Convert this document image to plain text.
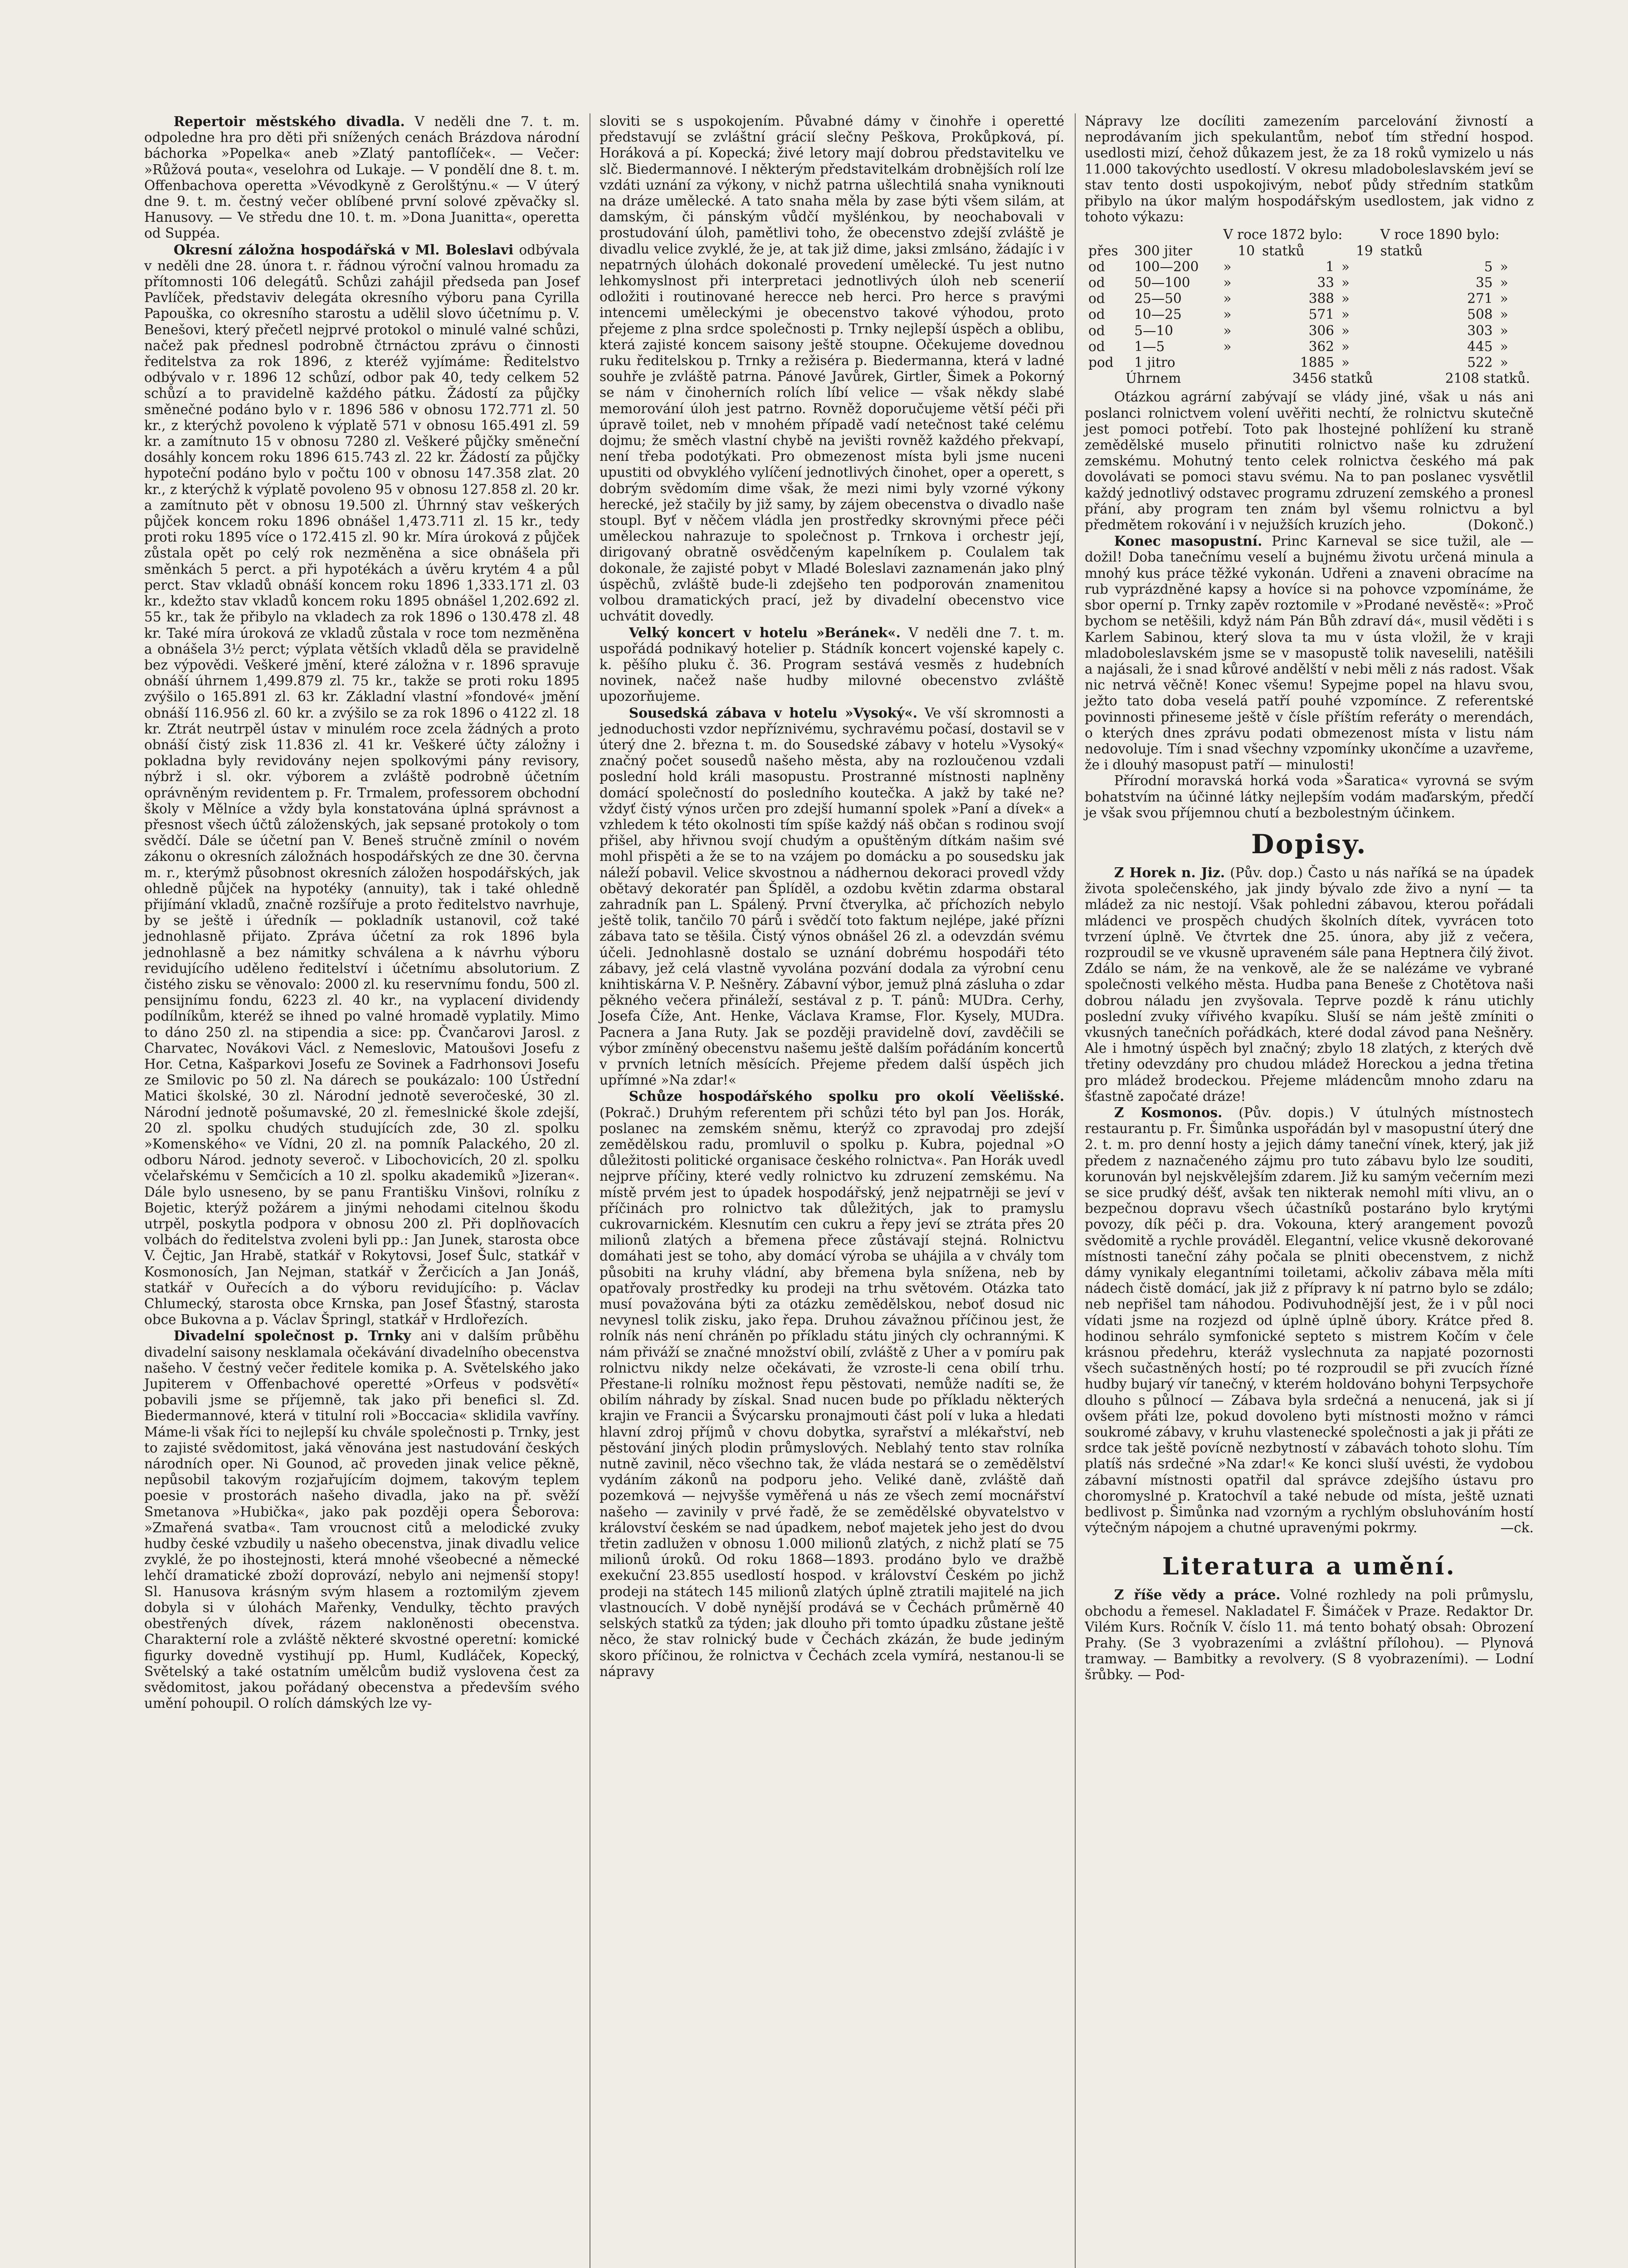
Repertoir městského divadla. V neděli dne 7. t. m. odpoledne hra pro děti při snížených cenách Brázdova národní báchorka »Popelka« aneb »Zlatý pantoflíček«. — Večer: »Růžová pouta«, veselohra od Lukaje. — V pondělí dne 8. t. m. Offenbachova operetta »Vévodkyně z Gerolštýnu.« — V úterý dne 9. t. m. čestný večer oblíbené první solové zpěvačky sl. Hanusovy. — Ve středu dne 10. t. m. »Dona Juanitta«, operetta od Suppéa.

Okresní záložna hospodářská v Ml. Boleslavi odbývala v neděli dne 28. února t. r. řádnou výroční valnou hromadu za přítomnosti 106 delegátů. Schůzi zahájil předseda pan Josef Pavlíček, představiv delegáta okresního výboru pana Cyrilla Papouška, co okresního starostu a udělil slovo účetnímu p. V. Benešovi, který přečetl nejprvé protokol o minulé valné schůzi, načež pak přednesl podrobně čtrnáctou zprávu o činnosti ředitelstva za rok 1896, z kteréž vyjímáme: Ředitelstvo odbývalo v r. 1896 12 schůzí, odbor pak 40, tedy celkem 52 schůzí a to pravidelně každého pátku. Žádostí za půjčky směnečné podáno bylo v r. 1896 586 v obnosu 172.771 zl. 50 kr., z kterýchž povoleno k výplatě 571 v obnosu 165.491 zl. 59 kr. a zamítnuto 15 v obnosu 7280 zl. Veškeré půjčky směneční dosáhly koncem roku 1896 615.743 zl. 22 kr. Žádostí za půjčky hypoteční podáno bylo v počtu 100 v obnosu 147.358 zlat. 20 kr., z kterýchž k výplatě povoleno 95 v obnosu 127.858 zl. 20 kr. a zamítnuto pět v obnosu 19.500 zl. Úhrnný stav veškerých půjček koncem roku 1896 obnášel 1,473.711 zl. 15 kr., tedy proti roku 1895 více o 172.415 zl. 90 kr. Míra úroková z půjček zůstala opět po celý rok nezměněna a sice obnášela při směnkách 5 perct. a při hypotékách a úvěru krytém 4 a půl perct. Stav vkladů obnáší koncem roku 1896 1,333.171 zl. 03 kr., kdežto stav vkladů koncem roku 1895 obnášel 1,202.692 zl. 55 kr., tak že přibylo na vkladech za rok 1896 o 130.478 zl. 48 kr. Také míra úroková ze vkladů zůstala v roce tom nezměněna a obnášela 3½ perct; výplata větších vkladů děla se pravidelně bez výpovědi. Veškeré jmění, které záložna v r. 1896 spravuje obnáší úhrnem 1,499.879 zl. 75 kr., takže se proti roku 1895 zvýšilo o 165.891 zl. 63 kr. Základní vlastní »fondové« jmění obnáší 116.956 zl. 60 kr. a zvýšilo se za rok 1896 o 4122 zl. 18 kr. Ztrát neutrpěl ústav v minulém roce zcela žádných a proto obnáší čistý zisk 11.836 zl. 41 kr. Veškeré účty záložny i pokladna byly revidovány nejen spolkovými pány revisory, nýbrž i sl. okr. výborem a zvláště podrobně účetním oprávněným revidentem p. Fr. Trmalem, professorem obchodní školy v Mělníce a vždy byla konstatována úplná správnost a přesnost všech účtů záloženských, jak sepsané protokoly o tom svědčí. Dále se účetní pan V. Beneš stručně zmínil o novém zákonu o okresních záložnách hospodářských ze dne 30. června m. r., kterýmž působnost okresních záložen hospodářských, jak ohledně půjček na hypotéky (annuity), tak i také ohledně přijímání vkladů, značně rozšířuje a proto ředitelstvo navrhuje, by se ještě i úředník — pokladník ustanovil, což také jednohlasně přijato. Zpráva účetní za rok 1896 byla jednohlasně a bez námitky schválena a k návrhu výboru revidujícího uděleno ředitelství i účetnímu absolutorium. Z čistého zisku se věnovalo: 2000 zl. ku reservnímu fondu, 500 zl. pensijnímu fondu, 6223 zl. 40 kr., na vyplacení dividendy podílníkům, kteréž se ihned po valné hromadě vyplatily. Mimo to dáno 250 zl. na stipendia a sice: pp. Čvančarovi Jarosl. z Charvatec, Novákovi Václ. z Nemeslovic, Matoušovi Josefu z Hor. Cetna, Kašparkovi Josefu ze Sovinek a Fadrhonsovi Josefu ze Smilovic po 50 zl. Na dárech se poukázalo: 100 Ústřední Matici školské, 30 zl. Národní jednotě severočeské, 30 zl. Národní jednotě pošumavské, 20 zl. řemeslnické škole zdejší, 20 zl. spolku chudých studujících zde, 30 zl. spolku »Komenského« ve Vídni, 20 zl. na pomník Palackého, 20 zl. odboru Národ. jednoty severoč. v Libochovicích, 20 zl. spolku včelařskému v Semčicích a 10 zl. spolku akademiků »Jizeran«. Dále bylo usneseno, by se panu Františku Vinšovi, rolníku z Bojetic, kterýž požárem a jinými nehodami citelnou škodu utrpěl, poskytla podpora v obnosu 200 zl. Při doplňovacích volbách do ředitelstva zvoleni byli pp.: Jan Junek, starosta obce V. Čejtic, Jan Hrabě, statkář v Rokytovsi, Josef Šulc, statkář v Kosmonosích, Jan Nejman, statkář v Žerčicích a Jan Jonáš, statkář v Ouřecích a do výboru revidujícího: p. Václav Chlumecký, starosta obce Krnska, pan Josef Šťastný, starosta obce Bukovna a p. Václav Špringl, statkář v Hrdlořezích.

Divadelní společnost p. Trnky ani v dalším průběhu divadelní saisony nesklamala očekávání divadelního obecenstva našeho. V čestný večer ředitele komika p. A. Světelského jako Jupiterem v Offenbachové operetté »Orfeus v podsvětí« pobavili jsme se příjemně, tak jako při benefici sl. Zd. Biedermannové, která v titulní roli »Boccacia« sklidila vavříny. Máme-li však říci to nejlepší ku chvále společnosti p. Trnky, jest to zajisté svědomitost, jaká věnována jest nastudování českých národních oper. Ni Gounod, ač proveden jinak velice pěkně, nepůsobil takovým rozjařujícím dojmem, takovým teplem poesie v prostorách našeho divadla, jako na př. svěží Smetanova »Hubička«, jako pak později opera Šeborova: »Zmařená svatba«. Tam vroucnost citů a melodické zvuky hudby české vzbudily u našeho obecenstva, jinak divadlu velice zvyklé, že po ihostejnosti, která mnohé všeobecné a německé lehčí dramatické zboží doprovází, nebylo ani nejmenší stopy! Sl. Hanusova krásným svým hlasem a roztomilým zjevem dobyla si v úlohách Mařenky, Vendulky, těchto pravých obestřených dívek, rázem nakloněnosti obecenstva. Charakterní role a zvláště některé skvostné operetní: komické figurky dovedně vystihují pp. Huml, Kudláček, Kopecký, Světelský a také ostatním umělcům budiž vyslovena čest za svědomitost, jakou pořádaný obecenstva a především svého umění pohoupil. O rolích dámských lze vy-

sloviti se s uspokojením. Půvabné dámy v činohře i operetté představují se zvláštní grácií slečny Peškova, Prokůpková, pí. Horáková a pí. Kopecká; živé letory mají dobrou představitelku ve slč. Biedermannové. I některým představitelkám drobnějších rolí lze vzdáti uznání za výkony, v nichž patrna ušlechtilá snaha vyniknouti na dráze umělecké. A tato snaha měla by zase býti všem silám, at damským, či pánským vůdčí myšlénkou, by neochabovali v prostudování úloh, pamětlivi toho, že obecenstvo zdejší zvláště je divadlu velice zvyklé, že je, at tak již dime, jaksi zmlsáno, žádajíc i v nepatrných úlohách dokonalé provedení umělecké. Tu jest nutno lehkomyslnost při interpretaci jednotlivých úloh neb scenerií odložiti i routinované herecce neb herci. Pro herce s pravými intencemi uměleckými je obecenstvo takové výhodou, proto přejeme z plna srdce společnosti p. Trnky nejlepší úspěch a oblibu, která zajisté koncem saisony ještě stoupne. Očekujeme dovednou ruku ředitelskou p. Trnky a režiséra p. Biedermanna, která v ladné souhře je zvláště patrna. Pánové Javůrek, Girtler, Šimek a Pokorný se nám v činoherních rolích líbí velice — však někdy slabé memorování úloh jest patrno. Rovněž doporučujeme větší péči při úpravě toilet, neb v mnohém případě vadí netečnost také celému dojmu; že směch vlastní chybě na jevišti rovněž každého překvapí, není třeba podotýkati. Pro obmezenost místa byli jsme nuceni upustiti od obvyklého vylíčení jednotlivých činohet, oper a operett, s dobrým svědomím dime však, že mezi nimi byly vzorné výkony herecké, jež stačily by již samy, by zájem obecenstva o divadlo naše stoupl. Byť v něčem vládla jen prostředky skrovnými přece péči uměleckou nahrazuje to společnost p. Trnkova i orchestr její, dirigovaný obratně osvědčeným kapelníkem p. Coulalem tak dokonale, že zajisté pobyt v Mladé Boleslavi zaznamenán jako plný úspěchů, zvláště bude-li zdejšeho ten podporován znamenitou volbou dramatických prací, jež by divadelní obecenstvo vice uchvátit dovedly.

Velký koncert v hotelu »Beránek«. V neděli dne 7. t. m. uspořádá podnikavý hotelier p. Stádník koncert vojenské kapely c. k. pěšího pluku č. 36. Program sestává vesměs z hudebních novinek, načež naše hudby milovné obecenstvo zvláště upozorňujeme.

Sousedská zábava v hotelu »Vysoký«. Ve vší skromnosti a jednoduchosti vzdor nepříznivému, sychravému počasí, dostavil se v úterý dne 2. března t. m. do Sousedské zábavy v hotelu »Vysoký« značný počet sousedů našeho města, aby na rozloučenou vzdali poslední hold králi masopustu. Prostranné místnosti naplněny domácí společností do posledního koutečka. A jakž by také ne? vždyť čistý výnos určen pro zdejší humanní spolek »Paní a dívek« a vzhledem k této okolnosti tím spíše každý náš občan s rodinou svojí přišel, aby hřivnou svojí chudým a opuštěným dítkám našim své mohl přispěti a že se to na vzájem po domácku a po sousedsku jak náleží pobavil. Velice skvostnou a nádhernou dekoraci provedl vždy obětavý dekoratér pan Šplíděl, a ozdobu květin zdarma obstaral zahradník pan L. Spálený. První čtverylka, ač příchozích nebylo ještě tolik, tančilo 70 párů i svědčí toto faktum nejlépe, jaké přízni zábava tato se těšila. Čistý výnos obnášel 26 zl. a odevzdán svému účeli. Jednohlasně dostalo se uznání dobrému hospodáři této zábavy, jež celá vlastně vyvolána pozvání dodala za výrobní cenu knihtiskárna V. P. Nešněry. Zábavní výbor, jemuž plná zásluha o zdar pěkného večera přináleží, sestával z p. T. pánů: MUDra. Cerhy, Josefa Číže, Ant. Henke, Václava Kramse, Flor. Kysely, MUDra. Pacnera a Jana Ruty. Jak se později pravidelně doví, zavděčili se výbor zmíněný obecenstvu našemu ještě dalším pořádáním koncertů v prvních letních měsících. Přejeme předem další úspěch jich upřímné »Na zdar!«

Schůze hospodářského spolku pro okolí Věelišské. (Pokrač.) Druhým referentem při schůzi této byl pan Jos. Horák, poslanec na zemském sněmu, kterýž co zpravodaj pro zdejší zemědělskou radu, promluvil o spolku p. Kubra, pojednal »O důležitosti politické organisace českého rolnictva«. Pan Horák uvedl nejprve příčiny, které vedly rolnictvo ku zdruzení zemskému. Na místě prvém jest to úpadek hospodářský, jenž nejpatrněji se jeví v příčinách pro rolnictvo tak důležitých, jak to pramyslu cukrovarnickém. Klesnutím cen cukru a řepy jeví se ztráta přes 20 milionů zlatých a břemena přece zůstávají stejná. Rolnictvu domáhati jest se toho, aby domácí výroba se uhájila a v chvály tom působiti na kruhy vládní, aby břemena byla snížena, neb by opatřovaly prostředky ku prodeji na trhu světovém. Otázka tato musí považována býti za otázku zemědělskou, neboť dosud nic nevynesl tolik zisku, jako řepa. Druhou závažnou příčinou jest, že rolník nás není chráněn po příkladu státu jiných cly ochrannými. K nám přiváží se značné množství obilí, zvláště z Uher a v pomíru pak rolnictvu nikdy nelze očekávati, že vzroste-li cena obilí trhu. Přestane-li rolníku možnost řepu pěstovati, nemůže nadíti se, že obilím náhrady by získal. Snad nucen bude po příkladu některých krajin ve Francii a Švýcarsku pronajmouti část polí v luka a hledati hlavní zdroj příjmů v chovu dobytka, syrařství a mlékařství, neb pěstování jiných plodin průmyslových. Neblahý tento stav rolníka nutně zavinil, něco všechno tak, že vláda nestará se o zemědělství vydáním zákonů na podporu jeho. Veliké daně, zvláště daň pozemková — nejvyšše vyměřená u nás ze všech zemí mocnářství našeho — zavinily v prvé řadě, že se zemědělské obyvatelstvo v království českém se nad úpadkem, neboť majetek jeho jest do dvou třetin zadlužen v obnosu 1.000 milionů zlatých, z nichž platí se 75 milionů úroků. Od roku 1868—1893. prodáno bylo ve dražbě exekuční 23.855 usedlostí hospod. v království Českém po jichž prodeji na státech 145 milionů zlatých úplně ztratili majitelé na jich vlastnoucích. V době nynější prodává se v Čechách průměrně 40 selských statků za týden; jak dlouho při tomto úpadku zůstane ještě něco, že stav rolnický bude v Čechách zkázán, že bude jediným skoro příčinou, že rolnictva v Čechách zcela vymírá, nestanou-li se nápravy

Nápravy lze docíliti zamezením parcelování živností a neprodávaním jich spekulantům, neboť tím střední hospod. usedlosti mizí, čehož důkazem jest, že za 18 roků vymizelo u nás 11.000 takovýchto usedlostí. V okresu mladoboleslavském jeví se stav tento dosti uspokojivým, neboť půdy středním statkům přibylo na úkor malým hospodářským usedlostem, jak vidno z tohoto výkazu:

		V roce 1872 bylo:			V roce 1890 bylo:	
přes	300 jiter	10	statků	19	statků	
od	100—200	»	1	»	5	»
od	50—100	»	33	»	35	»
od	25—50	»	388	»	271	»
od	10—25	»	571	»	508	»
od	5—10	»	306	»	303	»
od	1—5	»	362	»	445	»
pod	1 jitro	1885		»	522	»
Úhrnem		3456 statků			2108 statků.	

Otázkou agrární zabývají se vlády jiné, však u nás ani poslanci rolnictvem volení uvěřiti nechtí, že rolnictvu skutečně jest pomoci potřebí. Toto pak lhostejné pohlížení ku straně zemědělské muselo přinutiti rolnictvo naše ku združení zemskému. Mohutný tento celek rolnictva českého má pak dovolávati se pomoci stavu svému. Na to pan poslanec vysvětlil každý jednotlivý odstavec programu zdruzení zemského a pronesl přání, aby program ten znám byl všemu rolnictvu a byl předmětem rokování i v nejužších kruzích jeho.	(Dokonč.)

Konec masopustní. Princ Karneval se sice tužil, ale — dožil! Doba tanečnímu veselí a bujnému životu určená minula a mnohý kus práce těžké vykonán. Udřeni a znaveni obracíme na rub vyprázdněné kapsy a hovíce si na pohovce vzpomínáme, že sbor operní p. Trnky zapěv roztomile v »Prodané nevěstě«: »Proč bychom se netěšili, když nám Pán Bůh zdraví dá«, musil věděti i s Karlem Sabinou, který slova ta mu v ústa vložil, že v kraji mladoboleslavském jsme se v masopustě tolik naveselili, natěšili a najásali, že i snad kůrové andělští v nebi měli z nás radost. Však nic netrvá věčně! Konec všemu! Sypejme popel na hlavu svou, ježto tato doba veselá patří pouhé vzpomínce. Z referentské povinnosti přineseme ještě v čísle příštím referáty o merendách, o kterých dnes zprávu podati obmezenost místa v listu nám nedovoluje. Tím i snad všechny vzpomínky ukončíme a uzavřeme, že i dlouhý masopust patří — minulosti!

Přírodní moravská horká voda »Šaratica« vyrovná se svým bohatstvím na účinné látky nejlepším vodám maďarským, předčí je však svou příjemnou chutí a bezbolestným účinkem.

Dopisy.

Z Horek n. Jiz. (Pův. dop.) Často u nás naříká se na úpadek života společenského, jak jindy bývalo zde živo a nyní — ta mládež za nic nestojí. Však pohledni zábavou, kterou pořádali mládenci ve prospěch chudých školních dítek, vyvrácen toto tvrzení úplně. Ve čtvrtek dne 25. února, aby již z večera, rozproudil se ve vkusně upraveném sále pana Heptnera čilý život. Zdálo se nám, že na venkově, ale že se nalézáme ve vybrané společnosti velkého města. Hudba pana Beneše z Chotětova naši dobrou náladu jen zvyšovala. Teprve pozdě k ránu utichly poslední zvuky vířivého kvapíku. Sluší se nám ještě zmíniti o vkusných tanečních pořádkách, které dodal závod pana Nešněry. Ale i hmotný úspěch byl značný; zbylo 18 zlatých, z kterých dvě třetiny odevzdány pro chudou mládež Horeckou a jedna třetina pro mládež brodeckou. Přejeme mládencům mnoho zdaru na šťastně započaté dráze!

Z Kosmonos. (Pův. dopis.) V útulných místnostech restaurantu p. Fr. Šimůnka uspořádán byl v masopustní úterý dne 2. t. m. pro denní hosty a jejich dámy taneční vínek, který, jak již předem z naznačeného zájmu pro tuto zábavu bylo lze souditi, korunován byl nejskvělejším zdarem. Již ku samým večerním mezi se sice prudký déšť, avšak ten nikterak nemohl míti vlivu, an o bezpečnou dopravu všech účastníků postaráno bylo krytými povozy, dík péči p. dra. Vokouna, který arangement povozů svědomitě a rychle prováděl. Elegantní, velice vkusně dekorované místnosti taneční záhy počala se plniti obecenstvem, z nichž dámy vynikaly elegantními toiletami, ačkoliv zábava měla míti nádech čistě domácí, jak již z přípravy k ní patrno bylo se zdálo; neb nepřišel tam náhodou. Podivuhodnější jest, že i v půl noci vídati jsme na rozjezd od úplně úplně úbory. Krátce před 8. hodinou sehrálo symfonické septeto s mistrem Kočím v čele krásnou předehru, kteráž vyslechnuta za napjaté pozornosti všech sučastněných hostí; po té rozproudil se při zvucích řízné hudby bujarý vír tanečný, v kterém holdováno bohyni Terpsychoře dlouho s půlnocí — Zábava byla srdečná a nenucená, jak si jí ovšem přáti lze, pokud dovoleno byti místnosti možno v rámci soukromé zábavy, v kruhu vlastenecké společnosti a jak ji přáti ze srdce tak ještě povícně nezbytností v zábavách tohoto slohu. Tím platíš nás srdečné »Na zdar!« Ke konci sluší uvésti, že vydobou zábavní místnosti opatřil dal správce zdejšího ústavu pro choromyslné p. Kratochvíl a také nebude od místa, ještě uznati bedlivost p. Šimůnka nad vzorným a rychlým obsluhováním hostí výtečným nápojem a chutné upravenými pokrmy.	—ck.

Literatura a umění.

Z říše vědy a práce. Volné rozhledy na poli průmyslu, obchodu a řemesel. Nakladatel F. Šimáček v Praze. Redaktor Dr. Vilém Kurs. Ročník V. číslo 11. má tento bohatý obsah: Obrození Prahy. (Se 3 vyobrazeními a zvláštní přílohou). — Plynová tramway. — Bambitky a revolvery. (S 8 vyobrazeními). — Lodní šrůbky. — Pod-
